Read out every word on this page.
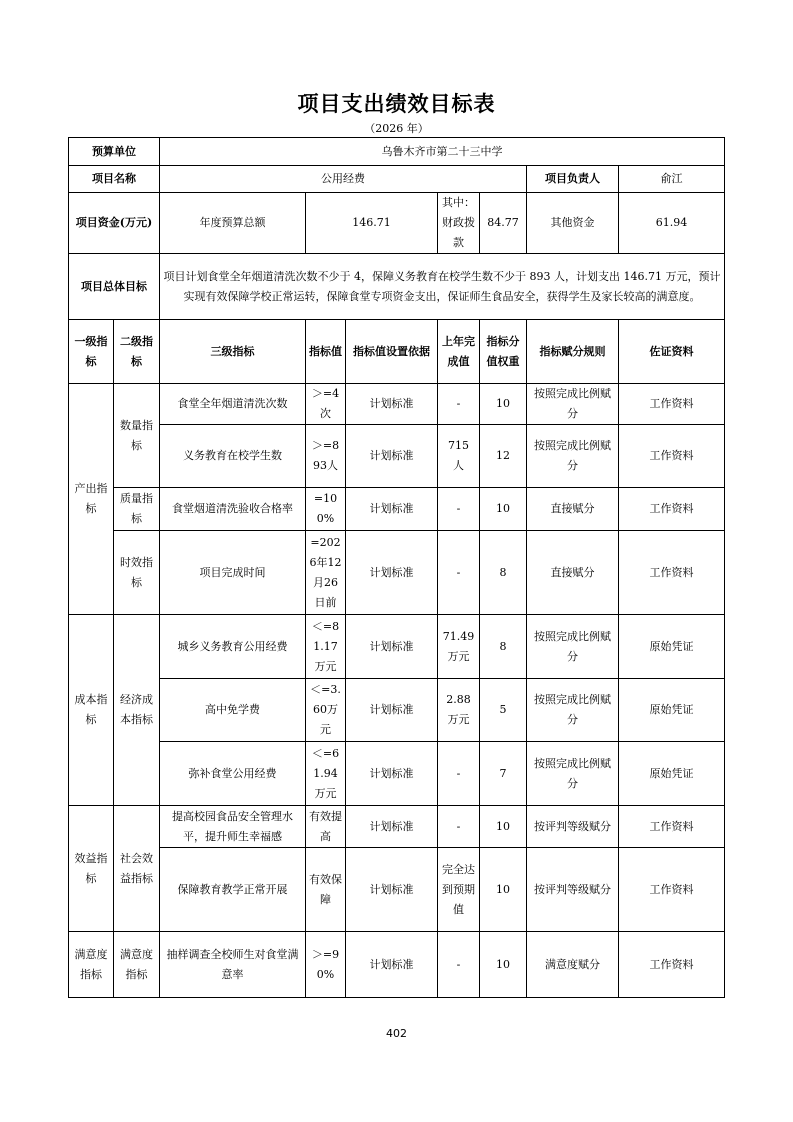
项目支出绩效目标表
（2026 年）
预算单位		乌鲁木齐市第二十三中学						
项目名称		公用经费					项目负责人	俞江
项目资金(万元)		年度预算总额	146.71		其中：财政拨款	84.77	其他资金	61.94
项目总体目标		项目计划食堂全年烟道清洗次数不少于 4，保障义务教育在校学生数不少于 893 人，计划支出 146.71 万元，预计实现有效保障学校正常运转，保障食堂专项资金支出，保证师生食品安全，获得学生及家长较高的满意度。						
一级指标	二级指标	三级指标	指标值	指标值设置依据	上年完成值	指标分值权重	指标赋分规则	佐证资料
产出指标	数量指标	食堂全年烟道清洗次数	＞=4次	计划标准	-	10	按照完成比例赋分	工作资料
		义务教育在校学生数	＞=893人	计划标准	715 人	12	按照完成比例赋分	工作资料
	质量指标	食堂烟道清洗验收合格率	=100%	计划标准	-	10	直接赋分	工作资料
	时效指标	项目完成时间	=2026年12月26日前	计划标准	-	8	直接赋分	工作资料
成本指标	经济成本指标	城乡义务教育公用经费	＜=81.17万元	计划标准	71.49万元	8	按照完成比例赋分	原始凭证
		高中免学费	＜=3.60万元	计划标准	2.88万元	5	按照完成比例赋分	原始凭证
		弥补食堂公用经费	＜=61.94万元	计划标准	-	7	按照完成比例赋分	原始凭证
效益指标	社会效益指标	提高校园食品安全管理水平，提升师生幸福感	有效提高	计划标准	-	10	按评判等级赋分	工作资料
		保障教育教学正常开展	有效保障	计划标准	完全达到预期值	10	按评判等级赋分	工作资料
满意度指标	满意度指标	抽样调查全校师生对食堂满意率	＞=90%	计划标准	-	10	满意度赋分	工作资料
402
